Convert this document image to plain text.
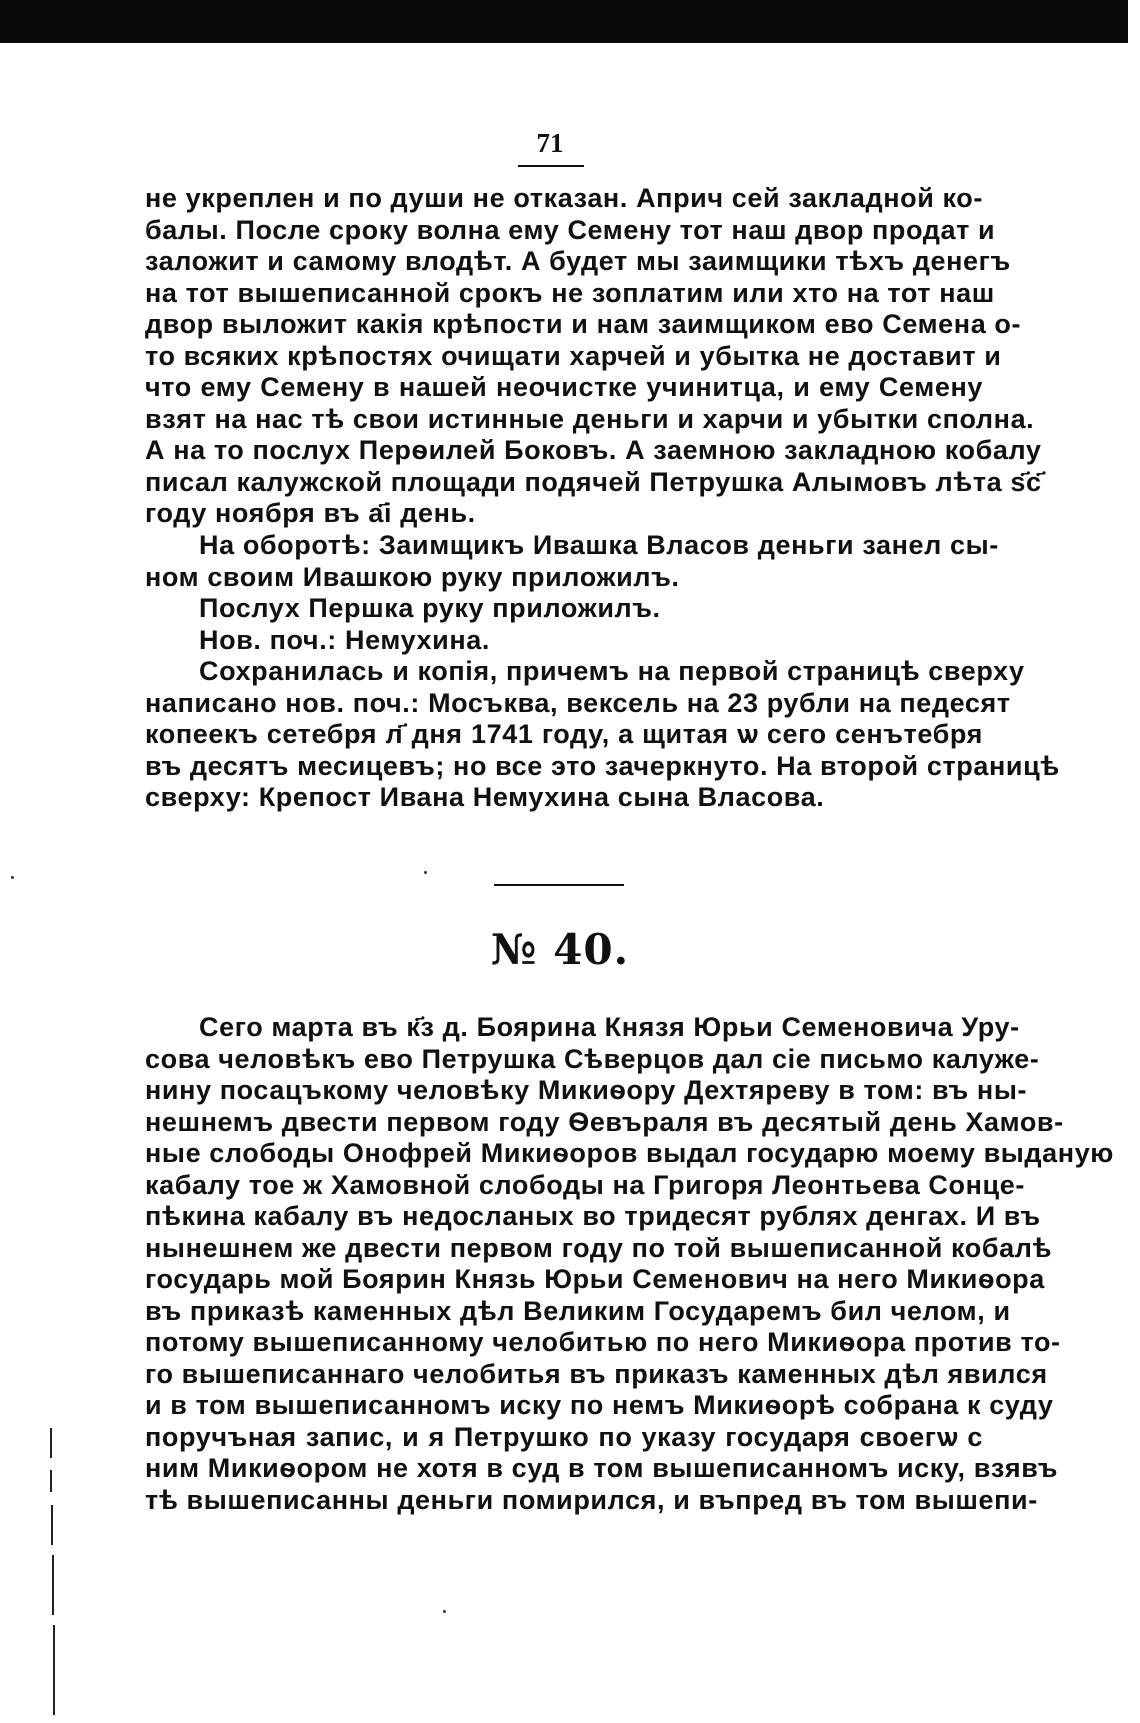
71
не укреплен и по души не отказан. Априч сей закладной ко-
балы. После сроку волна ему Семену тот наш двор продат и
заложит и самому влодѣт. А будет мы заимщики тѣхъ денегъ
на тот вышеписанной срокъ не зоплатим или хто на тот наш
двор выложит какія крѣпости и нам заимщиком ево Семена о-
то всяких крѣпостях очищати харчей и убытка не доставит и
что ему Семену в нашей неочистке учинитца, и ему Семену
взят на нас тѣ свои истинные деньги и харчи и убытки сполна.
А на то послух Перѳилей Боковъ. А заемною закладною кобалу
писал калужской площади подячей Петрушка Алымовъ лѣта ѕ҃с҃
году ноября въ а҃і день.
На оборотѣ: Заимщикъ Ивашка Власов деньги занел сы-
ном своим Ивашкою руку приложилъ.
Послух Першка руку приложилъ.
Нов. поч.: Немухина.
Сохранилась и копія, причемъ на первой страницѣ сверху
написано нов. поч.: Мосъква, вексель на 23 рубли на педесят
копеекъ сетебря л҃ дня 1741 году, а щитая ѡ сего сенътебря
въ десятъ месицевъ; но все это зачеркнуто. На второй страницѣ
сверху: Крепост Ивана Немухина сына Власова.
№ 40.
Сего марта въ к҃з д. Боярина Князя Юрьи Семеновича Уру-
сова человѣкъ ево Петрушка Сѣверцов дал сіе письмо калуже-
нину посацъкому человѣку Микиѳору Дехтяреву в том: въ ны-
нешнемъ двести первом году Ѳевъраля въ десятый день Хамов-
ные слободы Онофрей Микиѳоров выдал государю моему выданую
кабалу тое ж Хамовной слободы на Григоря Леонтьева Сонце-
пѣкина кабалу въ недосланых во тридесят рублях денгах. И въ
нынешнем же двести первом году по той вышеписанной кобалѣ
государь мой Боярин Князь Юрьи Семенович на него Микиѳора
въ приказѣ каменных дѣл Великим Государемъ бил челом, и
потому вышеписанному челобитью по него Микиѳора против то-
го вышеписаннаго челобитья въ приказъ каменных дѣл явился
и в том вышеписанномъ иску по немъ Микиѳорѣ собрана к суду
поручъная запис, и я Петрушко по указу государя своегѡ с
ним Микиѳором не хотя в суд в том вышеписанномъ иску, взявъ
тѣ вышеписанны деньги помирился, и въпред въ том вышепи-
